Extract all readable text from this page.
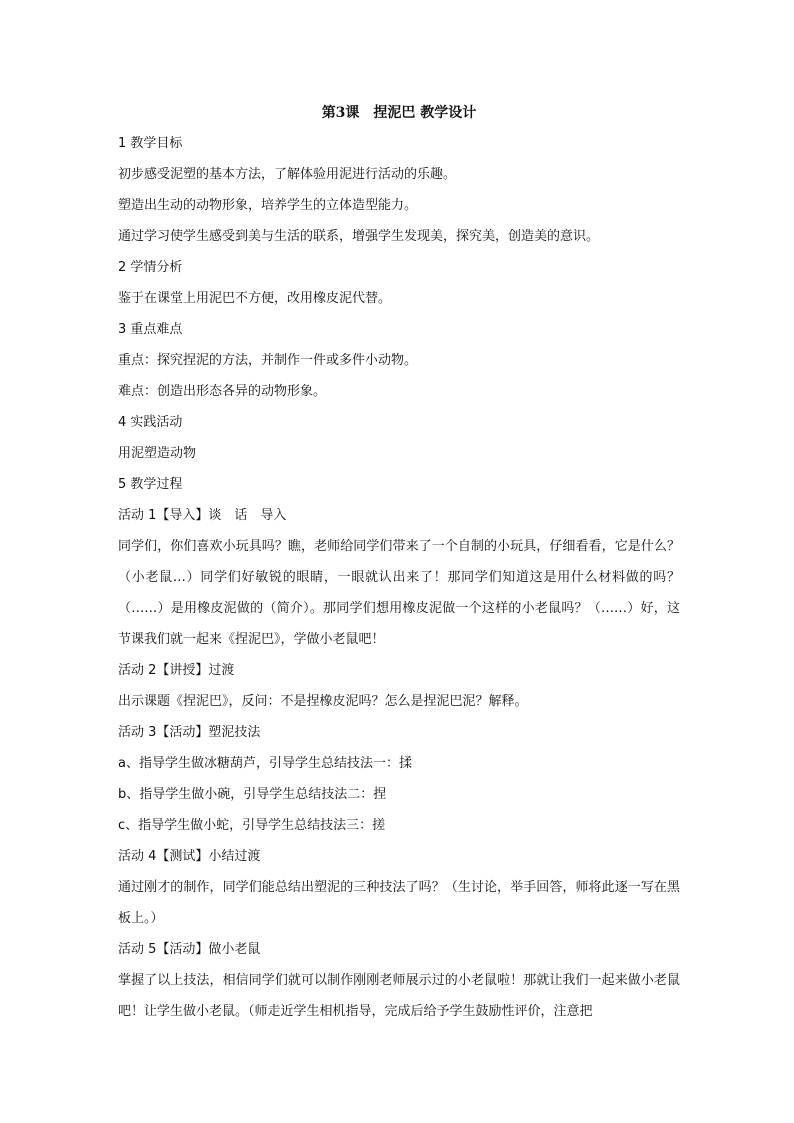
第3课　捏泥巴 教学设计
1 教学目标
初步感受泥塑的基本方法，了解体验用泥进行活动的乐趣。
塑造出生动的动物形象，培养学生的立体造型能力。
通过学习使学生感受到美与生活的联系，增强学生发现美，探究美，创造美的意识。
2 学情分析
鉴于在课堂上用泥巴不方便，改用橡皮泥代替。
3 重点难点
重点：探究捏泥的方法，并制作一件或多件小动物。
难点：创造出形态各异的动物形象。
4 实践活动
用泥塑造动物
5 教学过程
活动 1【导入】谈　话　导入
同学们，你们喜欢小玩具吗？瞧，老师给同学们带来了一个自制的小玩具，仔细看看，它是什么？（小老鼠…）同学们好敏锐的眼睛，一眼就认出来了！那同学们知道这是用什么材料做的吗？（……）是用橡皮泥做的（简介）。那同学们想用橡皮泥做一个这样的小老鼠吗？（……）好，这节课我们就一起来《捏泥巴》，学做小老鼠吧！
活动 2【讲授】过渡
出示课题《捏泥巴》，反问：不是捏橡皮泥吗？怎么是捏泥巴泥？解释。
活动 3【活动】塑泥技法
a、指导学生做冰糖葫芦，引导学生总结技法一：揉
b、指导学生做小碗，引导学生总结技法二：捏
c、指导学生做小蛇，引导学生总结技法三：搓
活动 4【测试】小结过渡
通过刚才的制作，同学们能总结出塑泥的三种技法了吗？（生讨论，举手回答，师将此逐一写在黑板上。）
活动 5【活动】做小老鼠
掌握了以上技法，相信同学们就可以制作刚刚老师展示过的小老鼠啦！那就让我们一起来做小老鼠吧！让学生做小老鼠。（师走近学生相机指导，完成后给予学生鼓励性评价，注意把
